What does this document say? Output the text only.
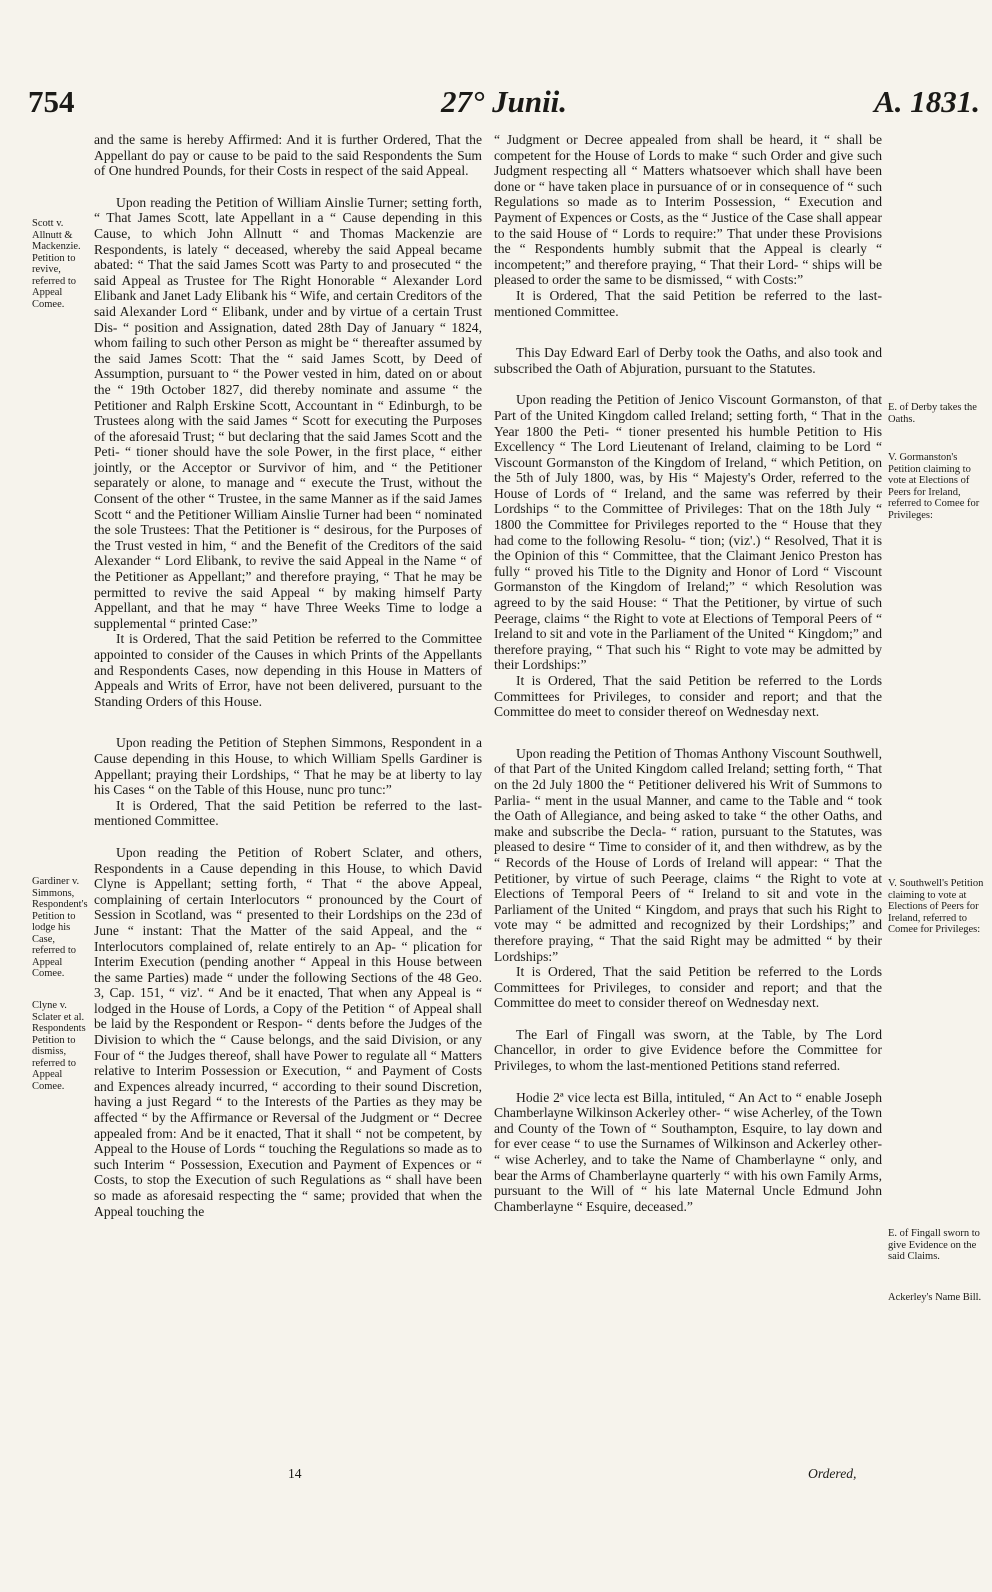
754	27° Junii.	A. 1831.

and the same is hereby Affirmed: And it is further Ordered, That the Appellant do pay or cause to be paid to the said Respondents the Sum of One hundred Pounds, for their Costs in respect of the said Appeal.

Upon reading the Petition of William Ainslie Turner; setting forth, “ That James Scott, late Appellant in a “ Cause depending in this Cause, to which John Allnutt “ and Thomas Mackenzie are Respondents, is lately “ deceased, whereby the said Appeal became abated: “ That the said James Scott was Party to and prosecuted “ the said Appeal as Trustee for The Right Honorable “ Alexander Lord Elibank and Janet Lady Elibank his “ Wife, and certain Creditors of the said Alexander Lord “ Elibank, under and by virtue of a certain Trust Dis- “ position and Assignation, dated 28th Day of January “ 1824, whom failing to such other Person as might be “ thereafter assumed by the said James Scott: That the “ said James Scott, by Deed of Assumption, pursuant to “ the Power vested in him, dated on or about the “ 19th October 1827, did thereby nominate and assume “ the Petitioner and Ralph Erskine Scott, Accountant in “ Edinburgh, to be Trustees along with the said James “ Scott for executing the Purposes of the aforesaid Trust; “ but declaring that the said James Scott and the Peti- “ tioner should have the sole Power, in the first place, “ either jointly, or the Acceptor or Survivor of him, and “ the Petitioner separately or alone, to manage and “ execute the Trust, without the Consent of the other “ Trustee, in the same Manner as if the said James Scott “ and the Petitioner William Ainslie Turner had been “ nominated the sole Trustees: That the Petitioner is “ desirous, for the Purposes of the Trust vested in him, “ and the Benefit of the Creditors of the said Alexander “ Lord Elibank, to revive the said Appeal in the Name “ of the Petitioner as Appellant;” and therefore praying, “ That he may be permitted to revive the said Appeal “ by making himself Party Appellant, and that he may “ have Three Weeks Time to lodge a supplemental “ printed Case:”

It is Ordered, That the said Petition be referred to the Committee appointed to consider of the Causes in which Prints of the Appellants and Respondents Cases, now depending in this House in Matters of Appeals and Writs of Error, have not been delivered, pursuant to the Standing Orders of this House.

Upon reading the Petition of Stephen Simmons, Respondent in a Cause depending in this House, to which William Spells Gardiner is Appellant; praying their Lordships, “ That he may be at liberty to lay his Cases “ on the Table of this House, nunc pro tunc:”

It is Ordered, That the said Petition be referred to the last-mentioned Committee.

Upon reading the Petition of Robert Sclater, and others, Respondents in a Cause depending in this House, to which David Clyne is Appellant; setting forth, “ That “ the above Appeal, complaining of certain Interlocutors “ pronounced by the Court of Session in Scotland, was “ presented to their Lordships on the 23d of June “ instant: That the Matter of the said Appeal, and the “ Interlocutors complained of, relate entirely to an Ap- “ plication for Interim Execution (pending another “ Appeal in this House between the same Parties) made “ under the following Sections of the 48 Geo. 3, Cap. 151, “ viz'. “ And be it enacted, That when any Appeal is “ lodged in the House of Lords, a Copy of the Petition “ of Appeal shall be laid by the Respondent or Respon- “ dents before the Judges of the Division to which the “ Cause belongs, and the said Division, or any Four of “ the Judges thereof, shall have Power to regulate all “ Matters relative to Interim Possession or Execution, “ and Payment of Costs and Expences already incurred, “ according to their sound Discretion, having a just Regard “ to the Interests of the Parties as they may be affected “ by the Affirmance or Reversal of the Judgment or “ Decree appealed from: And be it enacted, That it shall “ not be competent, by Appeal to the House of Lords “ touching the Regulations so made as to such Interim “ Possession, Execution and Payment of Expences or “ Costs, to stop the Execution of such Regulations as “ shall have been so made as aforesaid respecting the “ same; provided that when the Appeal touching the

“ Judgment or Decree appealed from shall be heard, it “ shall be competent for the House of Lords to make “ such Order and give such Judgment respecting all “ Matters whatsoever which shall have been done or “ have taken place in pursuance of or in consequence of “ such Regulations so made as to Interim Possession, “ Execution and Payment of Expences or Costs, as the “ Justice of the Case shall appear to the said House of “ Lords to require:” That under these Provisions the “ Respondents humbly submit that the Appeal is clearly “ incompetent;” and therefore praying, “ That their Lord- “ ships will be pleased to order the same to be dismissed, “ with Costs:”

It is Ordered, That the said Petition be referred to the last-mentioned Committee.

This Day Edward Earl of Derby took the Oaths, and also took and subscribed the Oath of Abjuration, pursuant to the Statutes.

Upon reading the Petition of Jenico Viscount Gormanston, of that Part of the United Kingdom called Ireland; setting forth, “ That in the Year 1800 the Peti- “ tioner presented his humble Petition to His Excellency “ The Lord Lieutenant of Ireland, claiming to be Lord “ Viscount Gormanston of the Kingdom of Ireland, “ which Petition, on the 5th of July 1800, was, by His “ Majesty's Order, referred to the House of Lords of “ Ireland, and the same was referred by their Lordships “ to the Committee of Privileges: That on the 18th July “ 1800 the Committee for Privileges reported to the “ House that they had come to the following Resolu- “ tion; (viz'.) “ Resolved, That it is the Opinion of this “ Committee, that the Claimant Jenico Preston has fully “ proved his Title to the Dignity and Honor of Lord “ Viscount Gormanston of the Kingdom of Ireland;” “ which Resolution was agreed to by the said House: “ That the Petitioner, by virtue of such Peerage, claims “ the Right to vote at Elections of Temporal Peers of “ Ireland to sit and vote in the Parliament of the United “ Kingdom;” and therefore praying, “ That such his “ Right to vote may be admitted by their Lordships:”

It is Ordered, That the said Petition be referred to the Lords Committees for Privileges, to consider and report; and that the Committee do meet to consider thereof on Wednesday next.

Upon reading the Petition of Thomas Anthony Viscount Southwell, of that Part of the United Kingdom called Ireland; setting forth, “ That on the 2d July 1800 the “ Petitioner delivered his Writ of Summons to Parlia- “ ment in the usual Manner, and came to the Table and “ took the Oath of Allegiance, and being asked to take “ the other Oaths, and make and subscribe the Decla- “ ration, pursuant to the Statutes, was pleased to desire “ Time to consider of it, and then withdrew, as by the “ Records of the House of Lords of Ireland will appear: “ That the Petitioner, by virtue of such Peerage, claims “ the Right to vote at Elections of Temporal Peers of “ Ireland to sit and vote in the Parliament of the United “ Kingdom, and prays that such his Right to vote may “ be admitted and recognized by their Lordships;” and therefore praying, “ That the said Right may be admitted “ by their Lordships:”

It is Ordered, That the said Petition be referred to the Lords Committees for Privileges, to consider and report; and that the Committee do meet to consider thereof on Wednesday next.

The Earl of Fingall was sworn, at the Table, by The Lord Chancellor, in order to give Evidence before the Committee for Privileges, to whom the last-mentioned Petitions stand referred.

Hodie 2ª vice lecta est Billa, intituled, “ An Act to “ enable Joseph Chamberlayne Wilkinson Ackerley other- “ wise Acherley, of the Town and County of the Town of “ Southampton, Esquire, to lay down and for ever cease “ to use the Surnames of Wilkinson and Ackerley other- “ wise Acherley, and to take the Name of Chamberlayne “ only, and bear the Arms of Chamberlayne quarterly “ with his own Family Arms, pursuant to the Will of “ his late Maternal Uncle Edmund John Chamberlayne “ Esquire, deceased.”

Scott v. Allnutt & Mackenzie. Petition to revive, referred to Appeal Comee.
Gardiner v. Simmons, Respondent's Petition to lodge his Case, referred to Appeal Comee.
Clyne v. Sclater et al. Respondents Petition to dismiss, referred to Appeal Comee.
E. of Derby takes the Oaths.
V. Gormanston's Petition claiming to vote at Elections of Peers for Ireland, referred to Comee for Privileges:
V. Southwell's Petition claiming to vote at Elections of Peers for Ireland, referred to Comee for Privileges:
E. of Fingall sworn to give Evidence on the said Claims.
Ackerley's Name Bill.
14	Ordered,
